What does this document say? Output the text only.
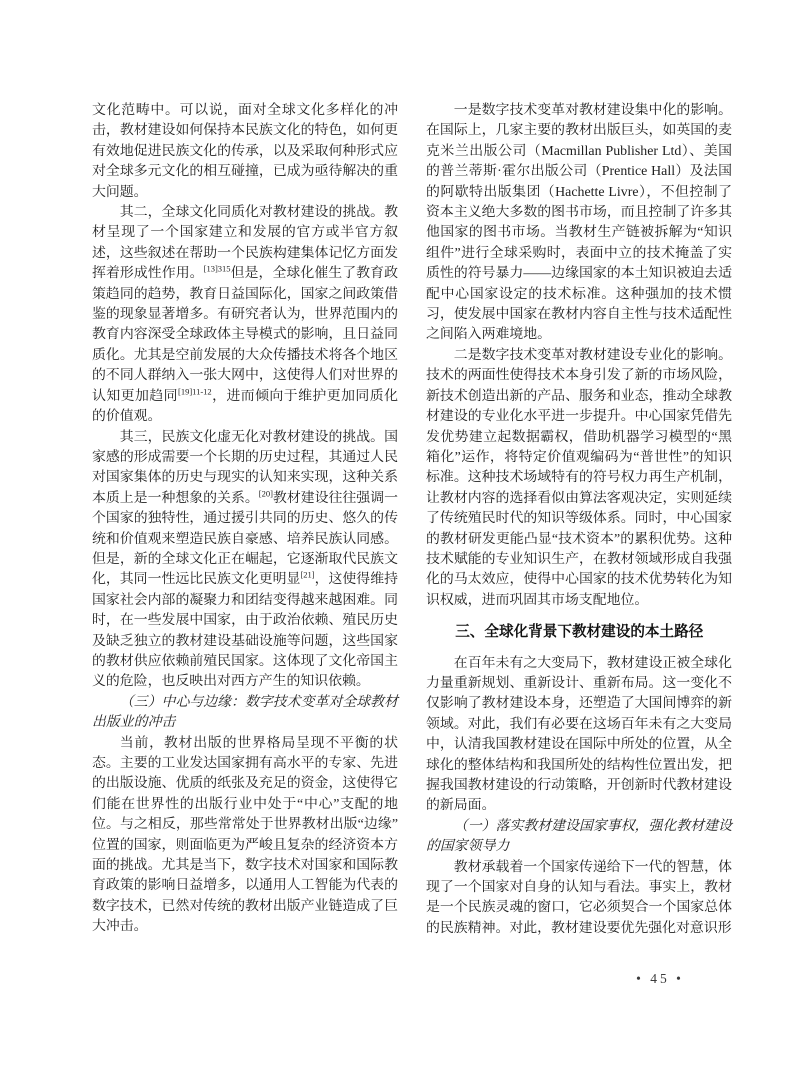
文化范畴中。可以说，面对全球文化多样化的冲击，教材建设如何保持本民族文化的特色，如何更有效地促进民族文化的传承，以及采取何种形式应对全球多元文化的相互碰撞，已成为亟待解决的重大问题。

其二，全球文化同质化对教材建设的挑战。教材呈现了一个国家建立和发展的官方或半官方叙述，这些叙述在帮助一个民族构建集体记忆方面发挥着形成性作用。$^{[13]315}$但是，全球化催生了教育政策趋同的趋势，教育日益国际化，国家之间政策借鉴的现象显著增多。有研究者认为，世界范围内的教育内容深受全球政体主导模式的影响，且日益同质化。尤其是空前发展的大众传播技术将各个地区的不同人群纳入一张大网中，这使得人们对世界的认知更加趋同$^{[19]11-12}$，进而倾向于维护更加同质化的价值观。

其三，民族文化虚无化对教材建设的挑战。国家感的形成需要一个长期的历史过程，其通过人民对国家集体的历史与现实的认知来实现，这种关系本质上是一种想象的关系。[20]教材建设往往强调一个国家的独特性，通过援引共同的历史、悠久的传统和价值观来塑造民族自豪感、培养民族认同感。但是，新的全球文化正在崛起，它逐渐取代民族文化，其同一性远比民族文化更明显[21]，这使得维持国家社会内部的凝聚力和团结变得越来越困难。同时，在一些发展中国家，由于政治依赖、殖民历史及缺乏独立的教材建设基础设施等问题，这些国家的教材供应依赖前殖民国家。这体现了文化帝国主义的危险，也反映出对西方产生的知识依赖。

（三）中心与边缘：数字技术变革对全球教材出版业的冲击

当前，教材出版的世界格局呈现不平衡的状态。主要的工业发达国家拥有高水平的专家、先进的出版设施、优质的纸张及充足的资金，这使得它们能在世界性的出版行业中处于“中心”支配的地位。与之相反，那些常常处于世界教材出版“边缘”位置的国家，则面临更为严峻且复杂的经济资本方面的挑战。尤其是当下，数字技术对国家和国际教育政策的影响日益增多，以通用人工智能为代表的数字技术，已然对传统的教材出版产业链造成了巨大冲击。

一是数字技术变革对教材建设集中化的影响。在国际上，几家主要的教材出版巨头，如英国的麦克米兰出版公司（Macmillan Publisher Ltd）、美国的普兰蒂斯·霍尔出版公司（Prentice Hall）及法国的阿歇特出版集团（Hachette Livre），不但控制了资本主义绝大多数的图书市场，而且控制了许多其他国家的图书市场。当教材生产链被拆解为“知识组件”进行全球采购时，表面中立的技术掩盖了实质性的符号暴力——边缘国家的本土知识被迫去适配中心国家设定的技术标准。这种强加的技术惯习，使发展中国家在教材内容自主性与技术适配性之间陷入两难境地。

二是数字技术变革对教材建设专业化的影响。技术的两面性使得技术本身引发了新的市场风险，新技术创造出新的产品、服务和业态，推动全球教材建设的专业化水平进一步提升。中心国家凭借先发优势建立起数据霸权，借助机器学习模型的“黑箱化”运作，将特定价值观编码为“普世性”的知识标准。这种技术场域特有的符号权力再生产机制，让教材内容的选择看似由算法客观决定，实则延续了传统殖民时代的知识等级体系。同时，中心国家的教材研发更能凸显“技术资本”的累积优势。这种技术赋能的专业知识生产，在教材领域形成自我强化的马太效应，使得中心国家的技术优势转化为知识权威，进而巩固其市场支配地位。

三、全球化背景下教材建设的本土路径

在百年未有之大变局下，教材建设正被全球化力量重新规划、重新设计、重新布局。这一变化不仅影响了教材建设本身，还塑造了大国间博弈的新领域。对此，我们有必要在这场百年未有之大变局中，认清我国教材建设在国际中所处的位置，从全球化的整体结构和我国所处的结构性位置出发，把握我国教材建设的行动策略，开创新时代教材建设的新局面。

（一）落实教材建设国家事权，强化教材建设的国家领导力

教材承载着一个国家传递给下一代的智慧，体现了一个国家对自身的认知与看法。事实上，教材是一个民族灵魂的窗口，它必须契合一个国家总体的民族精神。对此，教材建设要优先强化对意识形

• 45 •
